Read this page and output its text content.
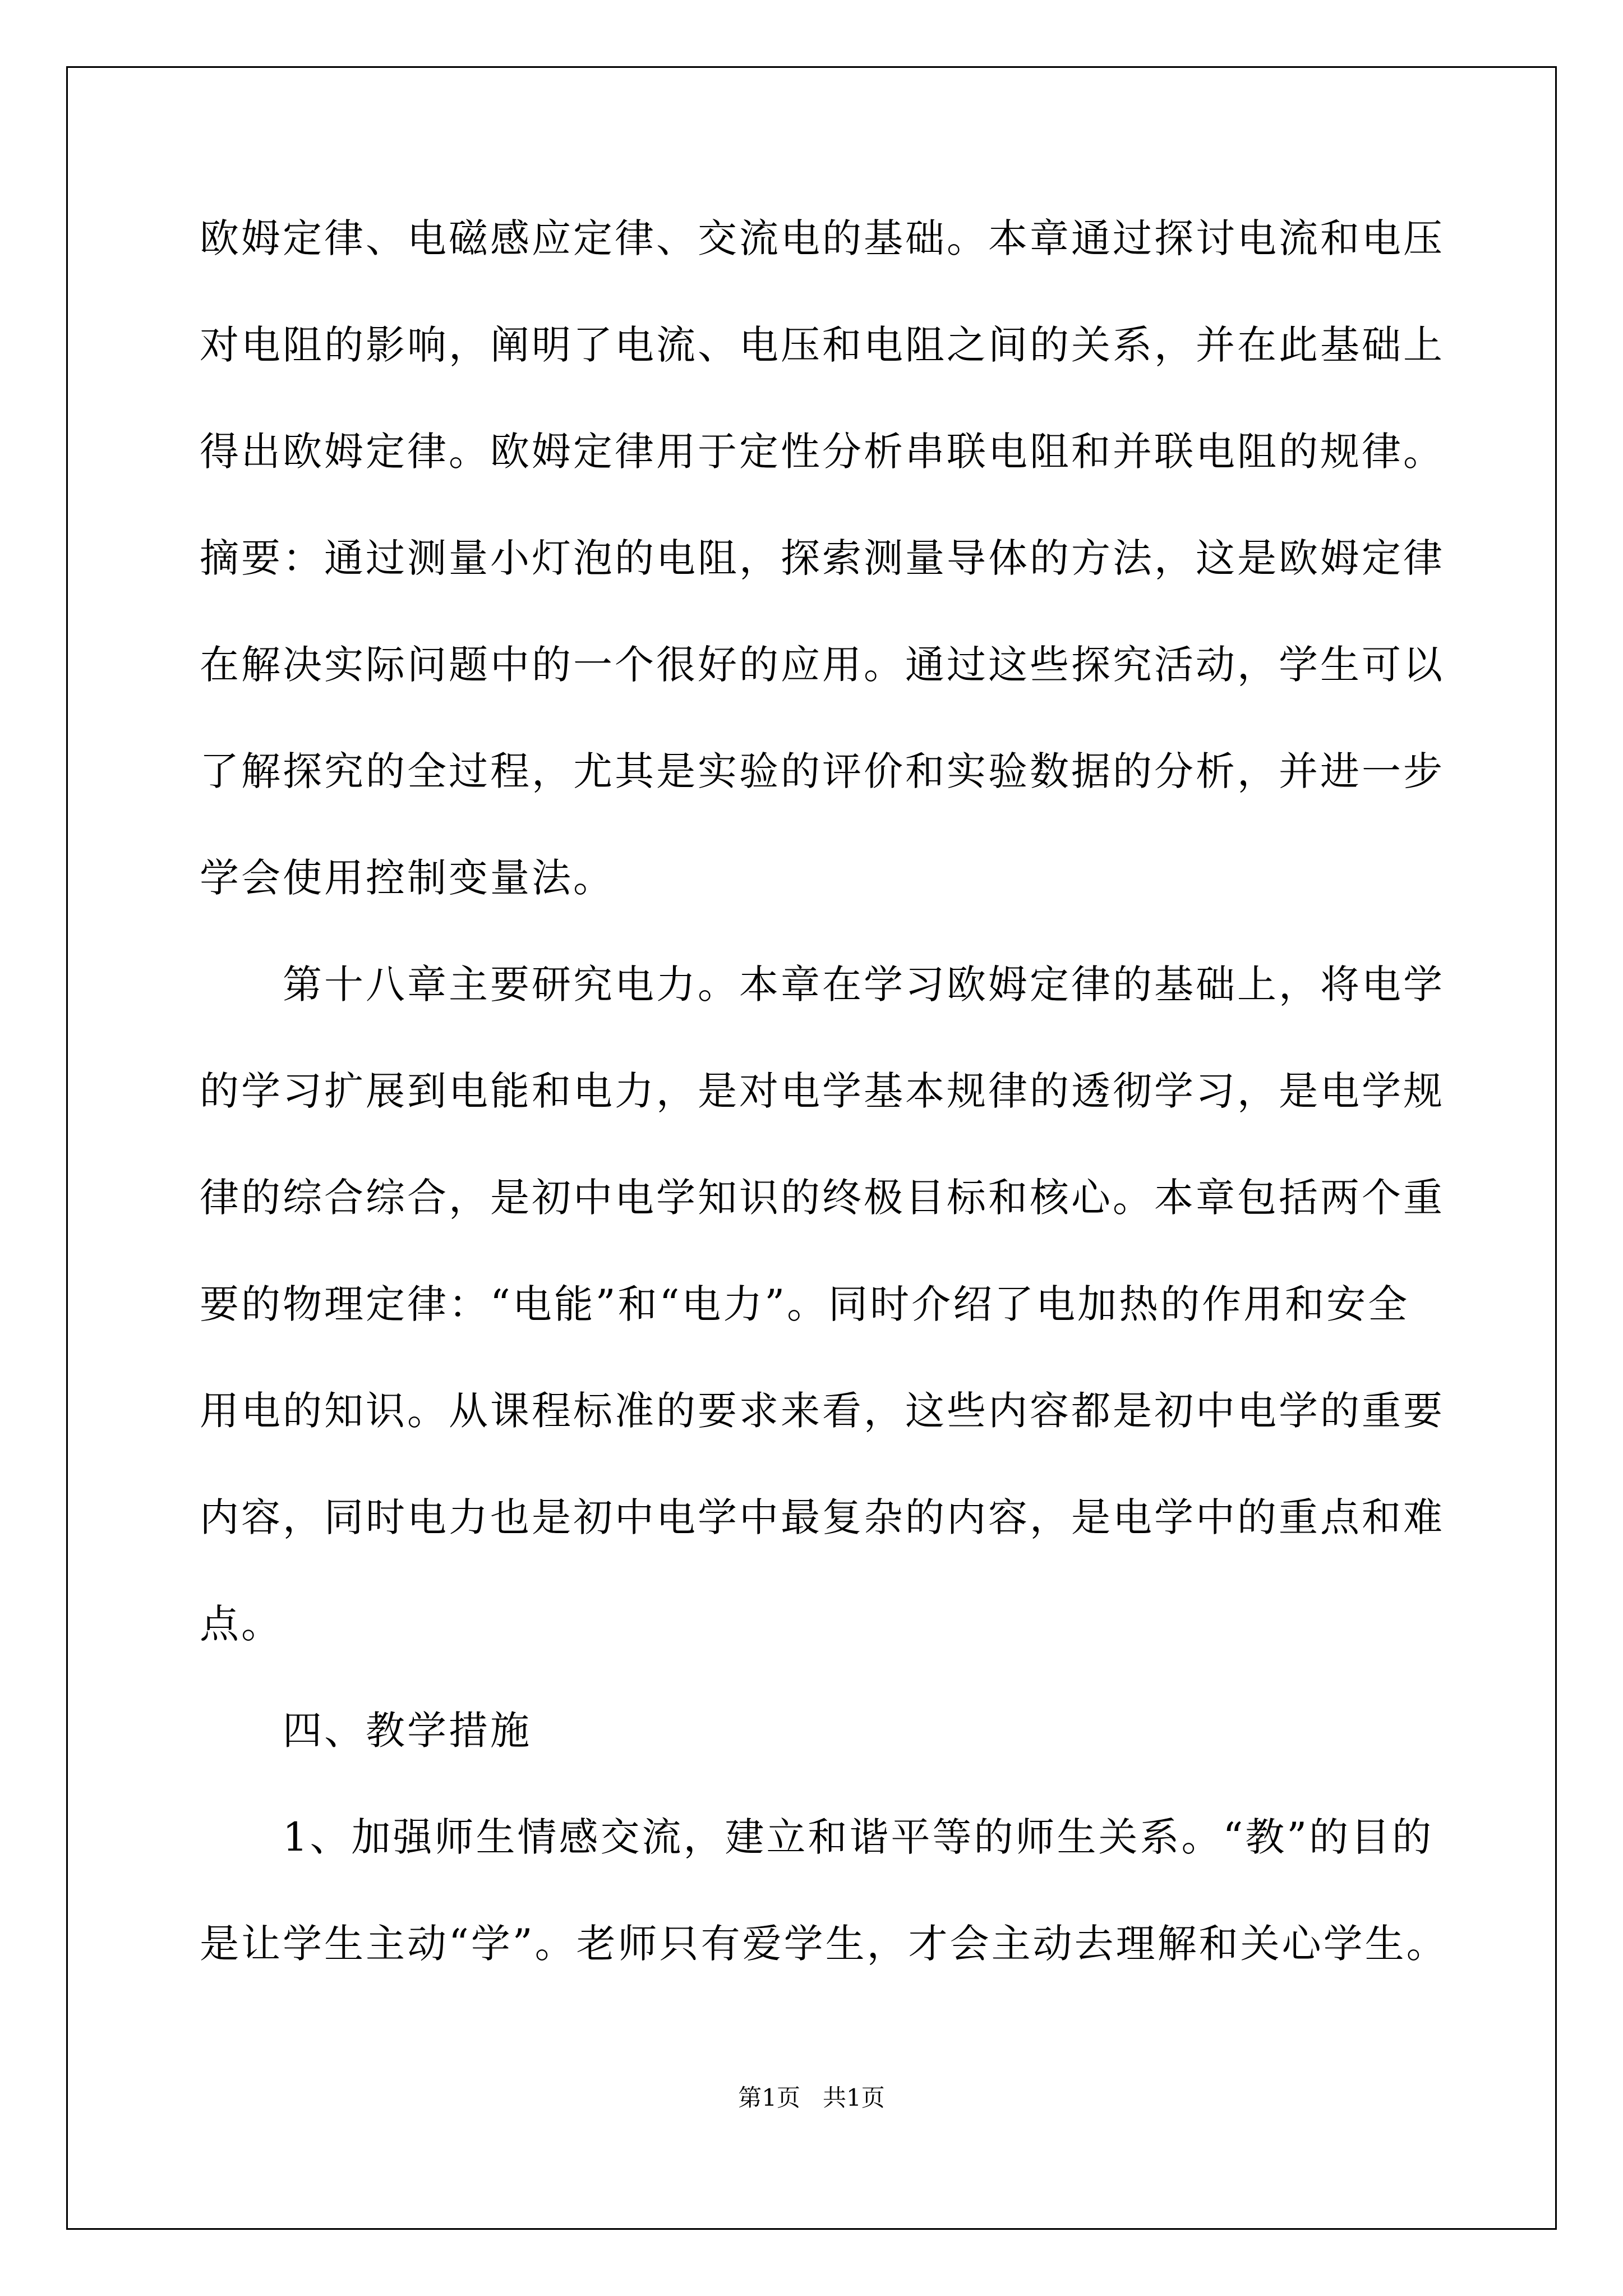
欧姆定律、电磁感应定律、交流电的基础。本章通过探讨电流和电压
对电阻的影响，阐明了电流、电压和电阻之间的关系，并在此基础上
得出欧姆定律。欧姆定律用于定性分析串联电阻和并联电阻的规律。
摘要：通过测量小灯泡的电阻，探索测量导体的方法，这是欧姆定律
在解决实际问题中的一个很好的应用。通过这些探究活动，学生可以
了解探究的全过程，尤其是实验的评价和实验数据的分析，并进一步
学会使用控制变量法。
第十八章主要研究电力。本章在学习欧姆定律的基础上，将电学
的学习扩展到电能和电力，是对电学基本规律的透彻学习，是电学规
律的综合综合，是初中电学知识的终极目标和核心。本章包括两个重
要的物理定律：“电能”和“电力”。同时介绍了电加热的作用和安全
用电的知识。从课程标准的要求来看，这些内容都是初中电学的重要
内容，同时电力也是初中电学中最复杂的内容，是电学中的重点和难
点。
四、教学措施
1、加强师生情感交流，建立和谐平等的师生关系。“教”的目的
是让学生主动“学”。老师只有爱学生，才会主动去理解和关心学生。
第1页   共1页
